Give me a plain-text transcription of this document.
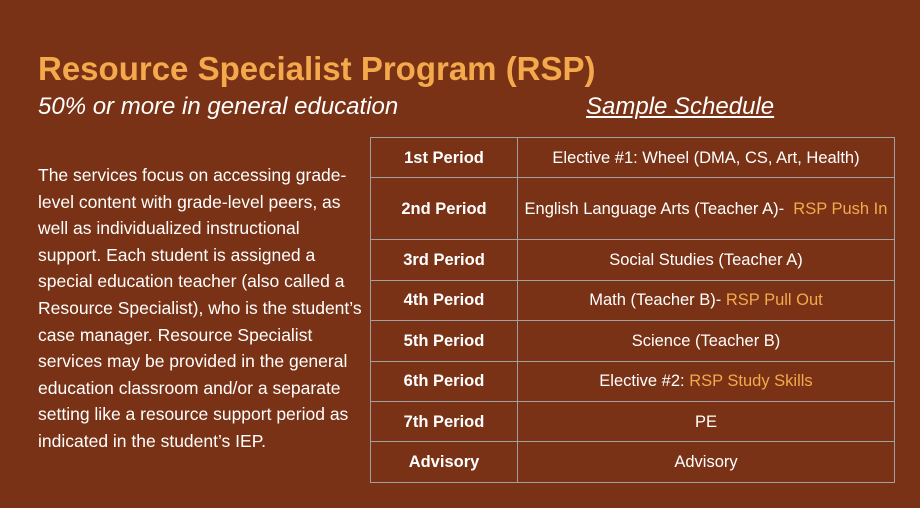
Resource Specialist Program (RSP)
50% or more in general education	Sample Schedule

The services focus on accessing grade-level content with grade-level peers, as well as individualized instructional support. Each student is assigned a special education teacher (also called a Resource Specialist), who is the student’s case manager. Resource Specialist services may be provided in the general education classroom and/or a separate setting like a resource support period as indicated in the student’s IEP.

1st Period	Elective #1: Wheel (DMA, CS, Art, Health)
2nd Period	English Language Arts (Teacher A)- RSP Push In
3rd Period	Social Studies (Teacher A)
4th Period	Math (Teacher B)- RSP Pull Out
5th Period	Science (Teacher B)
6th Period	Elective #2: RSP Study Skills
7th Period	PE
Advisory	Advisory
